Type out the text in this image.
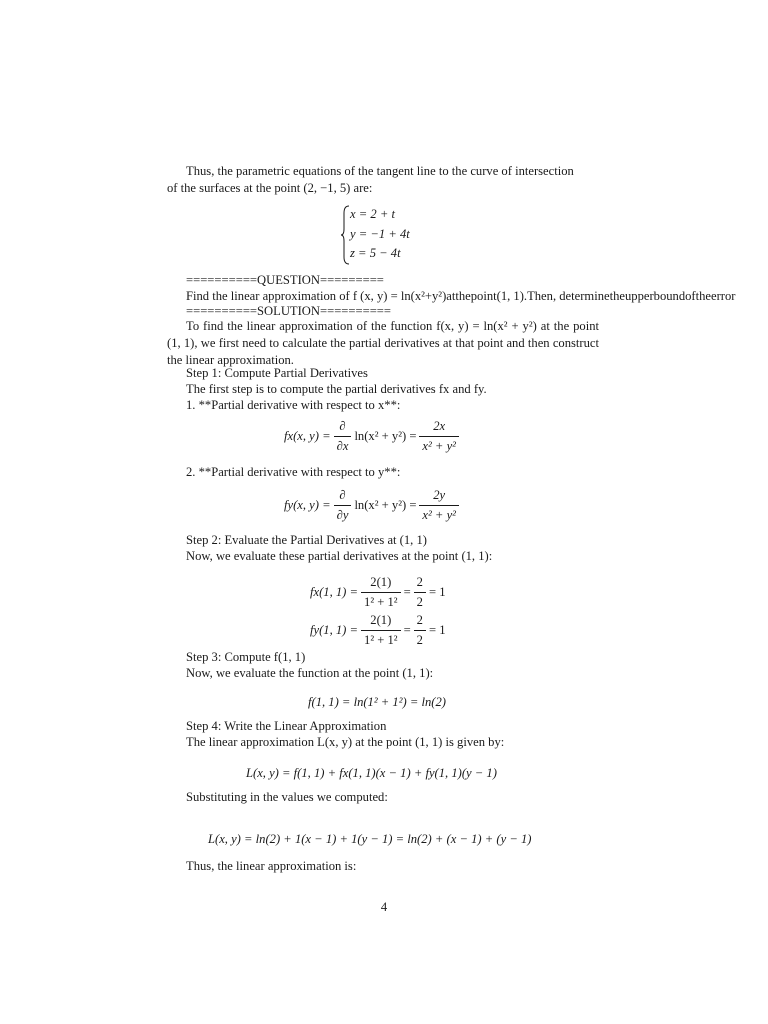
Thus, the parametric equations of the tangent line to the curve of intersection
of the surfaces at the point (2, −1, 5) are:
x = 2 + t
y = −1 + 4t
z = 5 − 4t
==========QUESTION=========
Find the linear approximation of f (x, y) = ln(x²+y²)atthepoint(1, 1).Then, determinetheupperboundoftheerror
==========SOLUTION==========
To find the linear approximation of the function f(x, y) = ln(x² + y²) at the point (1, 1), we first need to calculate the partial derivatives at that point and then construct the linear approximation.
Step 1: Compute Partial Derivatives
The first step is to compute the partial derivatives fx and fy.
1. **Partial derivative with respect to x**:
fx(x, $y) = \frac{\partial}{\partial x} \ln(x^2 + y^2) = \frac{2x}{\text{x² + y²}}$
2. **Partial derivative with respect to y**:
fy(x, $y) = \frac{\partial}{\partial y} \ln(x^2 + y^2) = \frac{2y}{\text{x² + y²}}$
Step 2: Evaluate the Partial Derivatives at (1, 1)
Now, we evaluate these partial derivatives at the point (1, 1):
fx(1, $1) = \frac{2(1)}{\text{1² + 1²}} = \frac{2}{2} = 1$
fy(1, $1) = \frac{2(1)}{\text{1² + 1²}} = \frac{2}{2} = 1$
Step 3: Compute f(1, 1)
Now, we evaluate the function at the point (1, 1):
f(1, 1) = ln(1² + 1²) = ln(2)
Step 4: Write the Linear Approximation
The linear approximation L(x, y) at the point (1, 1) is given by:
L(x, y) = f(1, 1) + fx(1, 1)(x − 1) + fy(1, 1)(y − 1)
Substituting in the values we computed:
L(x, y) = ln(2) + 1(x − 1) + 1(y − 1) = ln(2) + (x − 1) + (y − 1)
Thus, the linear approximation is:
4
